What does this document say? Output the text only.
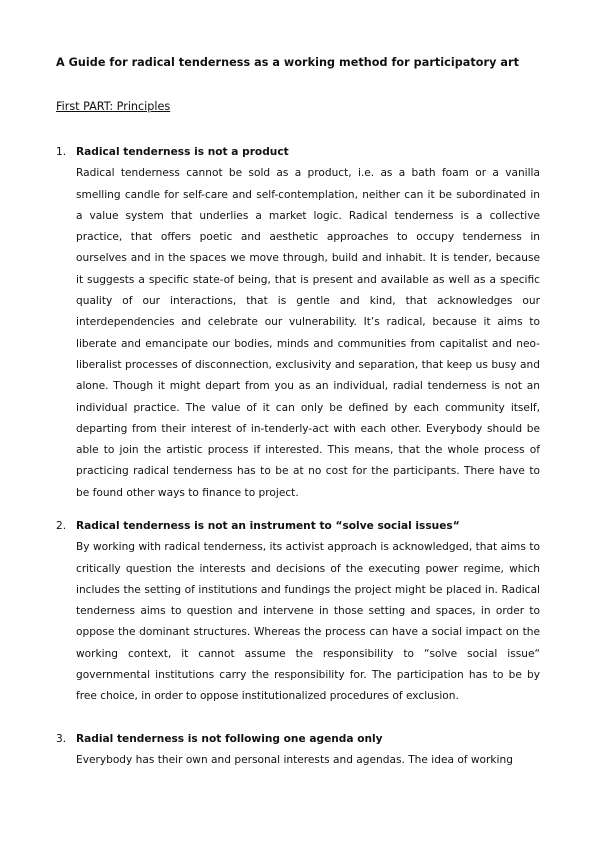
A Guide for radical tenderness as a working method for participatory art
First PART: Principles
1. Radical tenderness is not a product

Radical tenderness cannot be sold as a product, i.e. as a bath foam or a vanilla smelling candle for self-care and self-contemplation, neither can it be subordinated in a value system that underlies a market logic. Radical tenderness is a collective practice, that offers poetic and aesthetic approaches to occupy tenderness in ourselves and in the spaces we move through, build and inhabit. It is tender, because it suggests a specific state-of being, that is present and available as well as a specific quality of our interactions, that is gentle and kind, that acknowledges our interdependencies and celebrate our vulnerability. It’s radical, because it aims to liberate and emancipate our bodies, minds and communities from capitalist and neo-liberalist processes of disconnection, exclusivity and separation, that keep us busy and alone. Though it might depart from you as an individual, radial tenderness is not an individual practice. The value of it can only be defined by each community itself, departing from their interest of in-tenderly-act with each other. Everybody should be able to join the artistic process if interested. This means, that the whole process of practicing radical tenderness has to be at no cost for the participants. There have to be found other ways to finance to project.

2. Radical tenderness is not an instrument to “solve social issues“

By working with radical tenderness, its activist approach is acknowledged, that aims to critically question the interests and decisions of the executing power regime, which includes the setting of institutions and fundings the project might be placed in. Radical tenderness aims to question and intervene in those setting and spaces, in order to oppose the dominant structures. Whereas the process can have a social impact on the working context, it cannot assume the responsibility to “solve social issue“ governmental institutions carry the responsibility for. The participation has to be by free choice, in order to oppose institutionalized procedures of exclusion.

3. Radial tenderness is not following one agenda only

Everybody has their own and personal interests and agendas. The idea of working
